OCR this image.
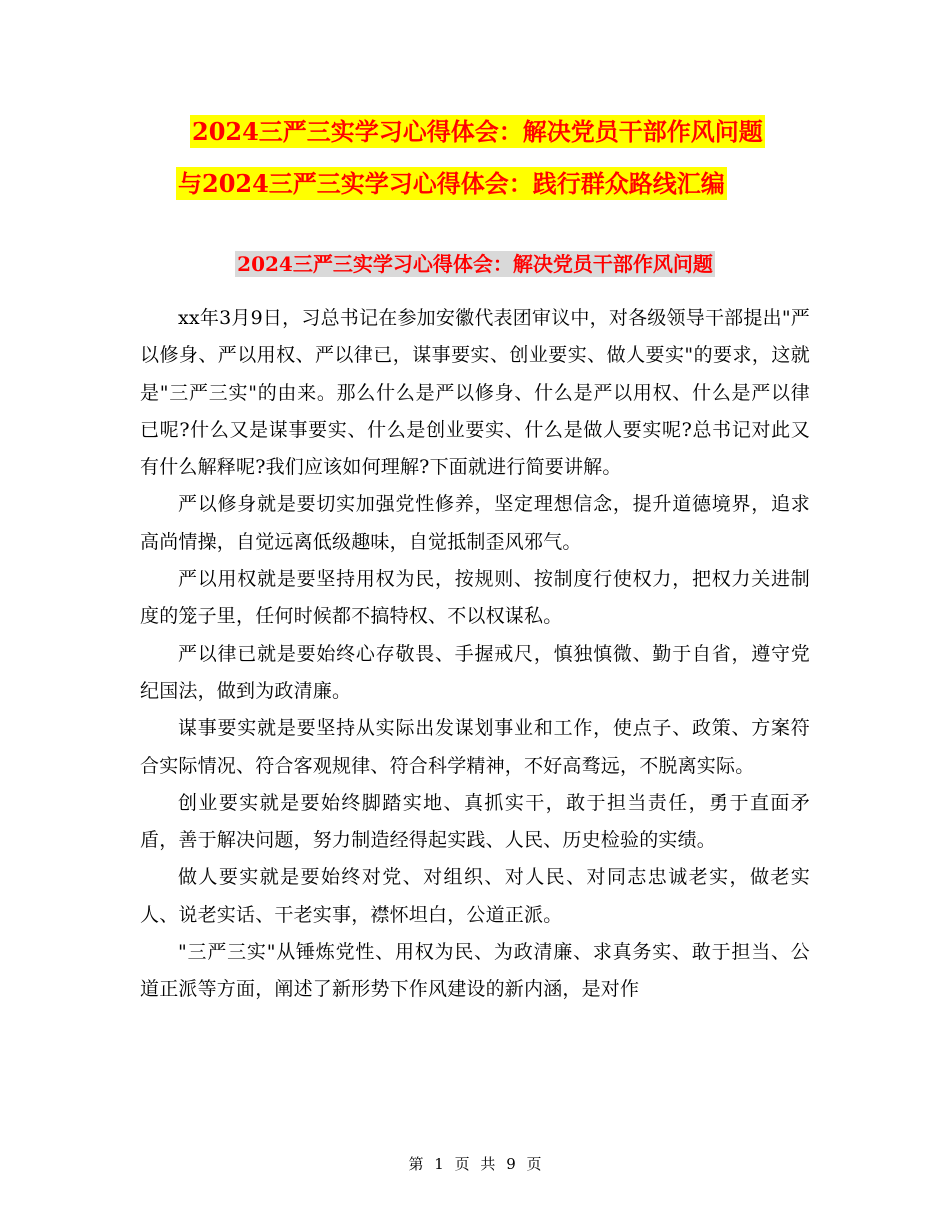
2024三严三实学习心得体会：解决党员干部作风问题
与2024三严三实学习心得体会：践行群众路线汇编
2024三严三实学习心得体会：解决党员干部作风问题

xx年3月9日，习总书记在参加安徽代表团审议中，对各级领导干部提出"严以修身、严以用权、严以律已，谋事要实、创业要实、做人要实"的要求，这就是"三严三实"的由来。那么什么是严以修身、什么是严以用权、什么是严以律已呢?什么又是谋事要实、什么是创业要实、什么是做人要实呢?总书记对此又有什么解释呢?我们应该如何理解?下面就进行简要讲解。

严以修身就是要切实加强党性修养，坚定理想信念，提升道德境界，追求高尚情操，自觉远离低级趣味，自觉抵制歪风邪气。

严以用权就是要坚持用权为民，按规则、按制度行使权力，把权力关进制度的笼子里，任何时候都不搞特权、不以权谋私。

严以律已就是要始终心存敬畏、手握戒尺，慎独慎微、勤于自省，遵守党纪国法，做到为政清廉。

谋事要实就是要坚持从实际出发谋划事业和工作，使点子、政策、方案符合实际情况、符合客观规律、符合科学精神，不好高骛远，不脱离实际。

创业要实就是要始终脚踏实地、真抓实干，敢于担当责任，勇于直面矛盾，善于解决问题，努力制造经得起实践、人民、历史检验的实绩。

做人要实就是要始终对党、对组织、对人民、对同志忠诚老实，做老实人、说老实话、干老实事，襟怀坦白，公道正派。

"三严三实"从锤炼党性、用权为民、为政清廉、求真务实、敢于担当、公道正派等方面，阐述了新形势下作风建设的新内涵，是对作

第 1 页 共 9 页
